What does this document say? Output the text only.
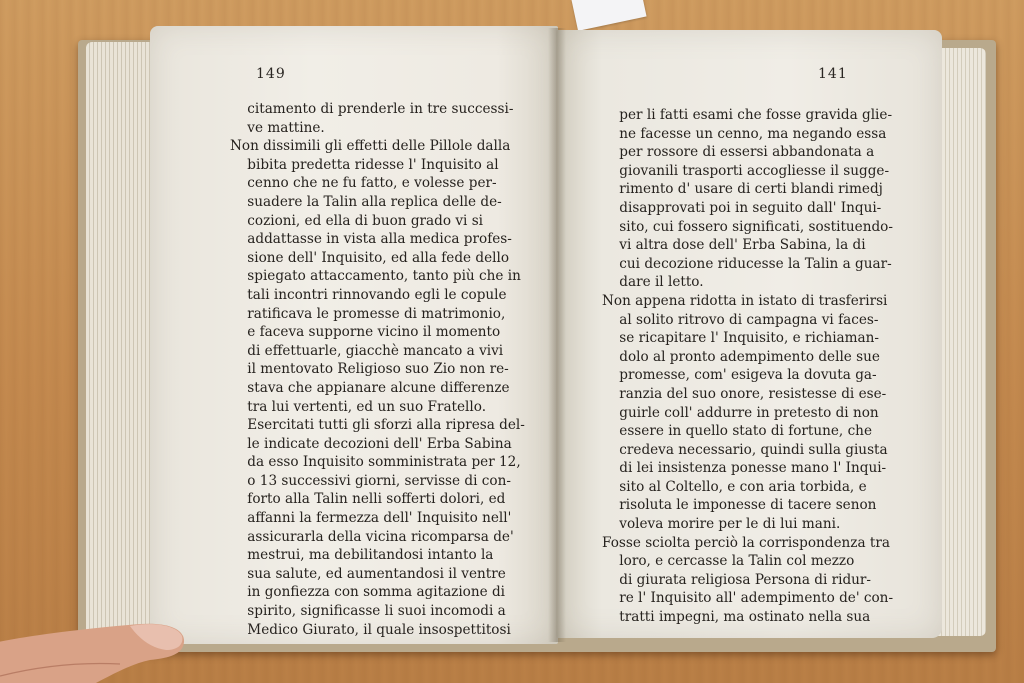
149
citamento di prenderle in tre successi-
ve mattine.
Non dissimili gli effetti delle Pillole dalla
bibita predetta ridesse l' Inquisito al
cenno che ne fu fatto, e volesse per-
suadere la Talin alla replica delle de-
cozioni, ed ella di buon grado vi si
addattasse in vista alla medica profes-
sione dell' Inquisito, ed alla fede dello
spiegato attaccamento, tanto più che in
tali incontri rinnovando egli le copule
ratificava le promesse di matrimonio,
e faceva supporne vicino il momento
di effettuarle, giacchè mancato a vivi
il mentovato Religioso suo Zio non re-
stava che appianare alcune differenze
tra lui vertenti, ed un suo Fratello.
Esercitati tutti gli sforzi alla ripresa del-
le indicate decozioni dell' Erba Sabina
da esso Inquisito somministrata per 12,
o 13 successivi giorni, servisse di con-
forto alla Talin nelli sofferti dolori, ed
affanni la fermezza dell' Inquisito nell'
assicurarla della vicina ricomparsa de'
mestrui, ma debilitandosi intanto la
sua salute, ed aumentandosi il ventre
in gonfiezza con somma agitazione di
spirito, significasse li suoi incomodi a
Medico Giurato, il quale insospettitosi
141
per li fatti esami che fosse gravida glie-
ne facesse un cenno, ma negando essa
per rossore di essersi abbandonata a
giovanili trasporti accogliesse il sugge-
rimento d' usare di certi blandi rimedj
disapprovati poi in seguito dall' Inqui-
sito, cui fossero significati, sostituendo-
vi altra dose dell' Erba Sabina, la di
cui decozione riducesse la Talin a guar-
dare il letto.
Non appena ridotta in istato di trasferirsi
al solito ritrovo di campagna vi faces-
se ricapitare l' Inquisito, e richiaman-
dolo al pronto adempimento delle sue
promesse, com' esigeva la dovuta ga-
ranzia del suo onore, resistesse di ese-
guirle coll' addurre in pretesto di non
essere in quello stato di fortune, che
credeva necessario, quindi sulla giusta
di lei insistenza ponesse mano l' Inqui-
sito al Coltello, e con aria torbida, e
risoluta le imponesse di tacere senon
voleva morire per le di lui mani.
Fosse sciolta perciò la corrispondenza tra
loro, e cercasse la Talin col mezzo
di giurata religiosa Persona di ridur-
re l' Inquisito all' adempimento de' con-
tratti impegni, ma ostinato nella sua
